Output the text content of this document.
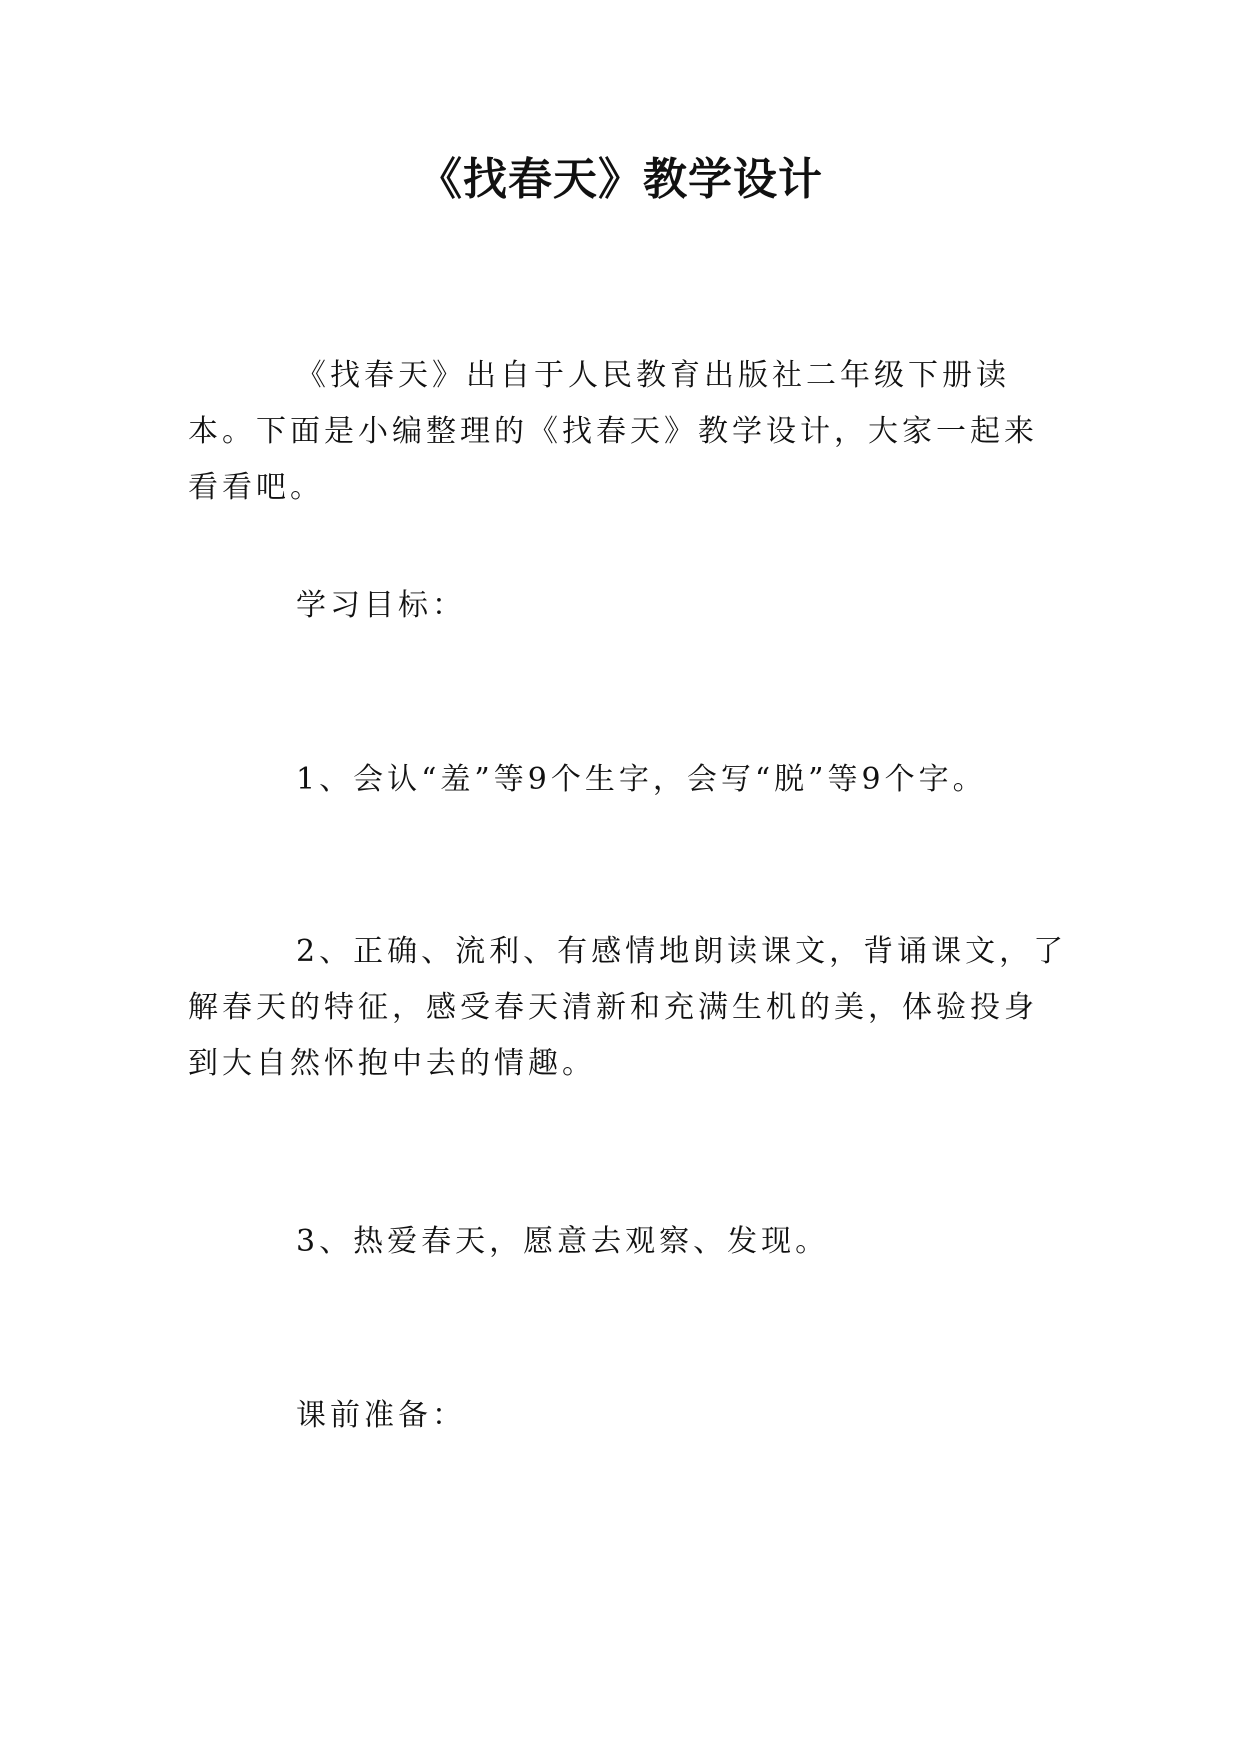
《找春天》教学设计

《找春天》出自于人民教育出版社二年级下册读本。下面是小编整理的《找春天》教学设计，大家一起来看看吧。

学习目标：

1、会认“羞”等9个生字，会写“脱”等9个字。

2、正确、流利、有感情地朗读课文，背诵课文，了解春天的特征，感受春天清新和充满生机的美，体验投身到大自然怀抱中去的情趣。

3、热爱春天，愿意去观察、发现。

课前准备：
